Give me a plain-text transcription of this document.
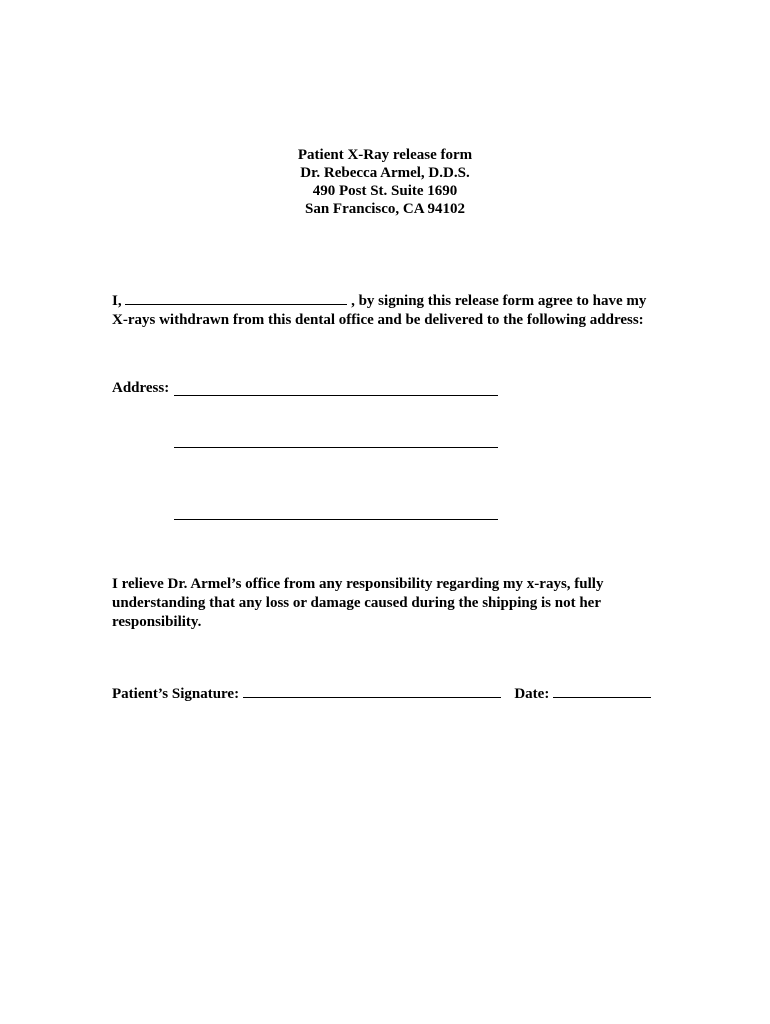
Patient X-Ray release form
Dr. Rebecca Armel, D.D.S.
490 Post St. Suite 1690
San Francisco, CA 94102
I,	, by signing this release form agree to have my
X-rays withdrawn from this dental office and be delivered to the following address:
Address:
I relieve Dr. Armel’s office from any responsibility regarding my x-rays, fully
understanding that any loss or damage caused during the shipping is not her
responsibility.
Patient’s Signature:	Date:
